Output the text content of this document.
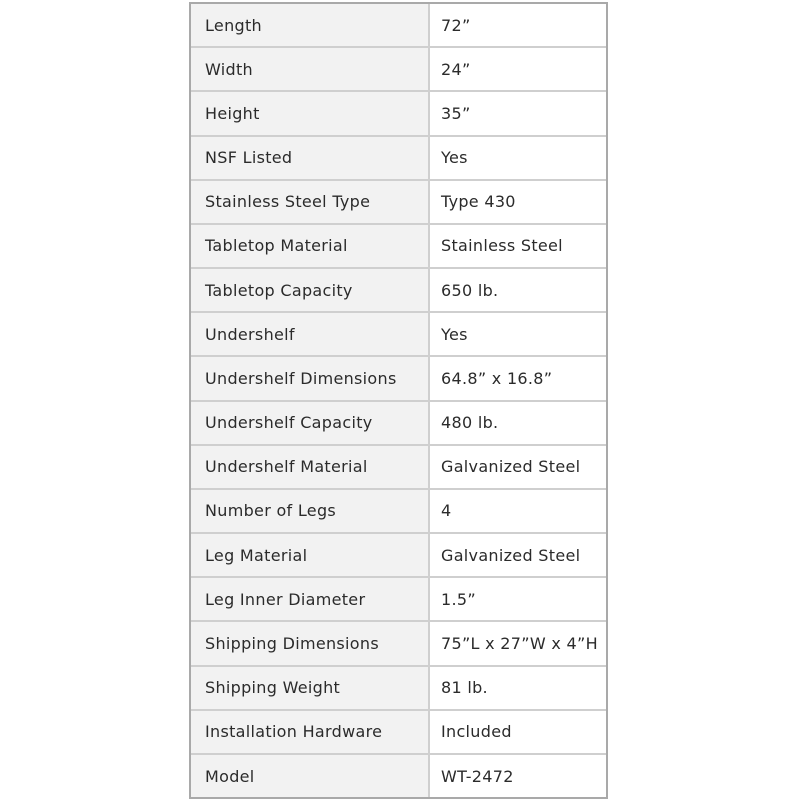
Length	72”
Width	24”
Height	35”
NSF Listed	Yes
Stainless Steel Type	Type 430
Tabletop Material	Stainless Steel
Tabletop Capacity	650 lb.
Undershelf	Yes
Undershelf Dimensions	64.8” x 16.8”
Undershelf Capacity	480 lb.
Undershelf Material	Galvanized Steel
Number of Legs	4
Leg Material	Galvanized Steel
Leg Inner Diameter	1.5”
Shipping Dimensions	75”L x 27”W x 4”H
Shipping Weight	81 lb.
Installation Hardware	Included
Model	WT-2472
